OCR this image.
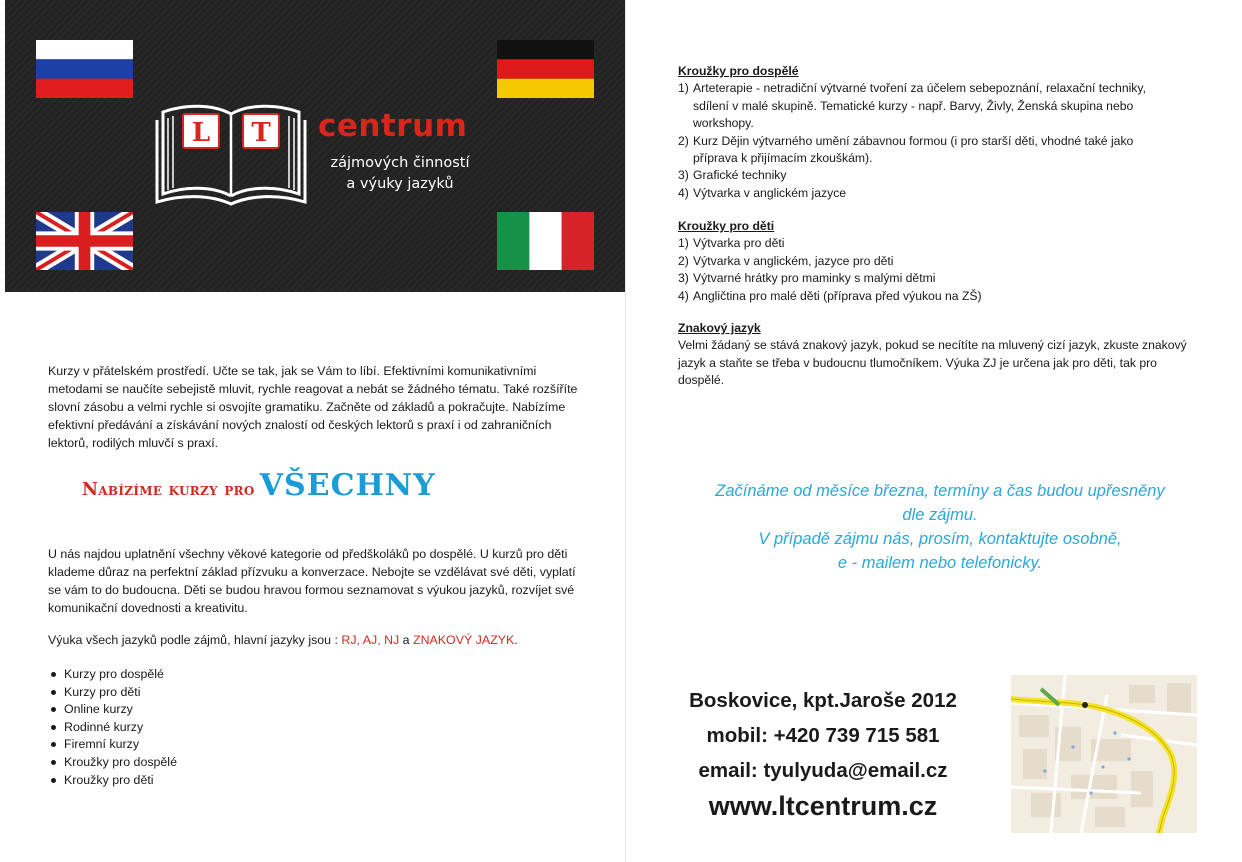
L T centrum
zájmových činností
a výuky jazyků

Kurzy v přátelském prostředí. Učte se tak, jak se Vám to líbí. Efektivními komunikativními metodami se naučíte sebejistě mluvit, rychle reagovat a nebát se žádného tématu. Také rozšíříte slovní zásobu a velmi rychle si osvojíte gramatiku. Začněte od základů a pokračujte. Nabízíme efektivní předávání a získávání nových znalostí od českých lektorů s praxí i od zahraničních lektorů, rodilých mluvčí s praxí.

Nabízíme kurzy pro VŠECHNY

U nás najdou uplatnění všechny věkové kategorie od předškoláků po dospělé. U kurzů pro děti klademe důraz na perfektní základ přízvuku a konverzace. Nebojte se vzdělávat své děti, vyplatí se vám to do budoucna. Děti se budou hravou formou seznamovat s výukou jazyků, rozvíjet své komunikační dovednosti a kreativitu.

Výuka všech jazyků podle zájmů, hlavní jazyky jsou : RJ, AJ, NJ a ZNAKOVÝ JAZYK.

Kurzy pro dospělé
Kurzy pro děti
Online kurzy
Rodinné kurzy
Firemní kurzy
Kroužky pro dospělé
Kroužky pro děti

Kroužky pro dospělé

1) Arteterapie - netradiční výtvarné tvoření za účelem sebepoznání, relaxační techniky, sdílení v malé skupině. Tematické kurzy - např. Barvy, Živly, Ženská skupina nebo workshopy.
2) Kurz Dějin výtvarného umění zábavnou formou (i pro starší děti, vhodné také jako příprava k přijímacím zkouškám).
3) Grafické techniky
4) Výtvarka v anglickém jazyce

Kroužky pro děti

1) Výtvarka pro děti
2) Výtvarka v anglickém, jazyce pro děti
3) Výtvarné hrátky pro maminky s malými dětmi
4) Angličtina pro malé děti (příprava před výukou na ZŠ)

Znakový jazyk

Velmi žádaný se stává znakový jazyk, pokud se necítíte na mluvený cizí jazyk, zkuste znakový jazyk a staňte se třeba v budoucnu tlumočníkem. Výuka ZJ je určena jak pro děti, tak pro dospělé.

Začínáme od měsíce března, termíny a čas budou upřesněny
dle zájmu.
V případě zájmu nás, prosím, kontaktujte osobně,
e - mailem nebo telefonicky.
Boskovice, kpt.Jaroše 2012
mobil: +420 739 715 581
email: tyulyuda@email.cz
www.ltcentrum.cz
